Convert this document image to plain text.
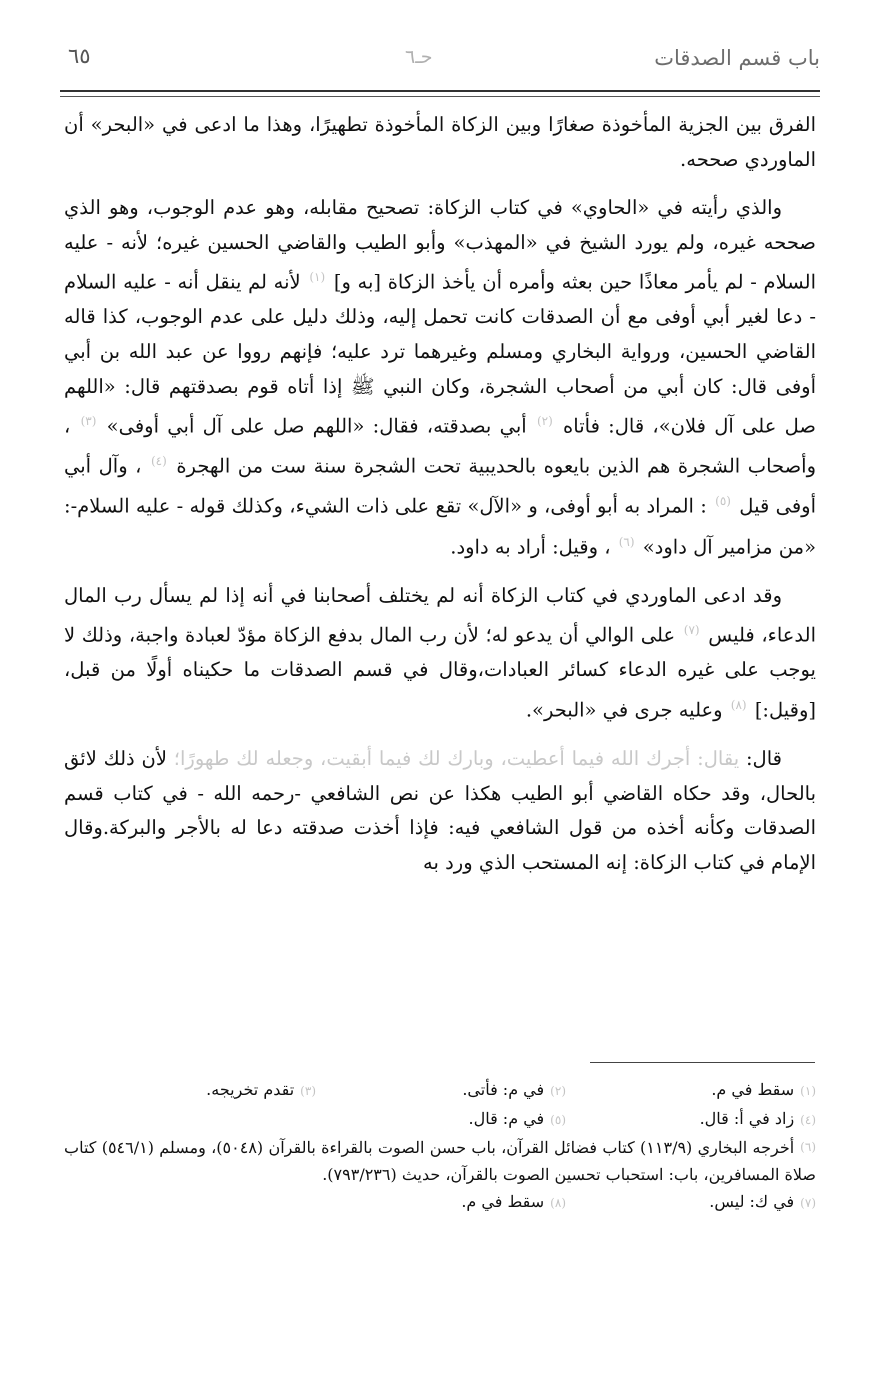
باب قسم الصدقات
حـ٦
٦٥

الفرق بين الجزية المأخوذة صغارًا وبين الزكاة المأخوذة تطهيرًا، وهذا ما ادعى في «البحر» أن الماوردي صححه.

والذي رأيته في «الحاوي» في كتاب الزكاة: تصحيح مقابله، وهو عدم الوجوب، وهو الذي صححه غيره، ولم يورد الشيخ في «المهذب» وأبو الطيب والقاضي الحسين غيره؛ لأنه - عليه السلام - لم يأمر معاذًا حين بعثه وأمره أن يأخذ الزكاة [به و] $^{(١)}$ لأنه لم ينقل أنه - عليه السلام - دعا لغير أبي أوفى مع أن الصدقات كانت تحمل إليه، وذلك دليل على عدم الوجوب، كذا قاله القاضي الحسين، ورواية البخاري ومسلم وغيرهما ترد عليه؛ فإنهم رووا عن عبد الله بن أبي أوفى قال: كان أبي من أصحاب الشجرة، وكان النبي ﷺ إذا أتاه قوم بصدقتهم قال: «اللهم صل على آل فلان»، قال: فأتاه $^{(٢)}$ أبي بصدقته، فقال: «اللهم صل على آل أبي أوفى» $^{(٣)}$ ، وأصحاب الشجرة هم الذين بايعوه بالحديبية تحت الشجرة سنة ست من الهجرة $^{(٤)}$ ، وآل أبي أوفى قيل $^{(٥)}$ : المراد به أبو أوفى، و «الآل» تقع على ذات الشيء، وكذلك قوله - عليه السلام-: «من مزامير آل داود» $^{(٦)}$ ، وقيل: أراد به داود.

وقد ادعى الماوردي في كتاب الزكاة أنه لم يختلف أصحابنا في أنه إذا لم يسأل رب المال الدعاء، فليس $^{(٧)}$ على الوالي أن يدعو له؛ لأن رب المال بدفع الزكاة مؤدّ لعبادة واجبة، وذلك لا يوجب على غيره الدعاء كسائر العبادات،وقال في قسم الصدقات ما حكيناه أولًا من قبل، [وقيل:] $^{(٨)}$ وعليه جرى في «البحر».

قال: يقال: أجرك الله فيما أعطيت، وبارك لك فيما أبقيت، وجعله لك طهورًا؛ لأن ذلك لائق بالحال، وقد حكاه القاضي أبو الطيب هكذا عن نص الشافعي -رحمه الله - في كتاب قسم الصدقات وكأنه أخذه من قول الشافعي فيه: فإذا أخذت صدقته دعا له بالأجر والبركة.وقال الإمام في كتاب الزكاة: إنه المستحب الذي ورد به

(١)سقط في م.
(٢)في م: فأتى.
(٣)تقدم تخريجه.
(٤)زاد في أ: قال.
(٥)في م: قال.
(٦)
أخرجه البخاري (١١٣/٩) كتاب فضائل القرآن، باب حسن الصوت بالقراءة بالقرآن (٥٠٤٨)، ومسلم (٥٤٦/١) كتاب صلاة المسافرين، باب: استحباب تحسين الصوت بالقرآن، حديث (٧٩٣/٢٣٦).
(٧)في ك: ليس.
(٨)سقط في م.
